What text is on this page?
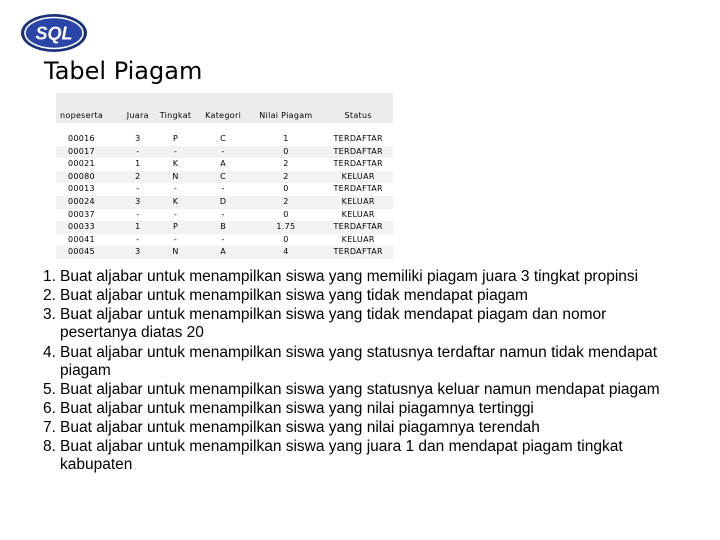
SQL
Tabel Piagam
nopeserta	Juara	Tingkat	Kategori	Nilai Piagam	Status

00016	3	P	C	1	TERDAFTAR
00017	-	-	-	0	TERDAFTAR
00021	1	K	A	2	TERDAFTAR
00080	2	N	C	2	KELUAR
00013	-	-	-	0	TERDAFTAR
00024	3	K	D	2	KELUAR
00037	-	-	-	0	KELUAR
00033	1	P	B	1.75	TERDAFTAR
00041	-	-	-	0	KELUAR
00045	3	N	A	4	TERDAFTAR
1. Buat aljabar untuk menampilkan siswa yang memiliki piagam juara 3 tingkat propinsi
2. Buat aljabar untuk menampilkan siswa yang tidak mendapat piagam
3. Buat aljabar untuk menampilkan siswa yang tidak mendapat piagam dan nomor pesertanya diatas 20
4. Buat aljabar untuk menampilkan siswa yang statusnya terdaftar namun tidak mendapat piagam
5. Buat aljabar untuk menampilkan siswa yang statusnya keluar namun mendapat piagam
6. Buat aljabar untuk menampilkan siswa yang nilai piagamnya tertinggi
7. Buat aljabar untuk menampilkan siswa yang nilai piagamnya terendah
8. Buat aljabar untuk menampilkan siswa yang juara 1 dan mendapat piagam tingkat kabupaten
